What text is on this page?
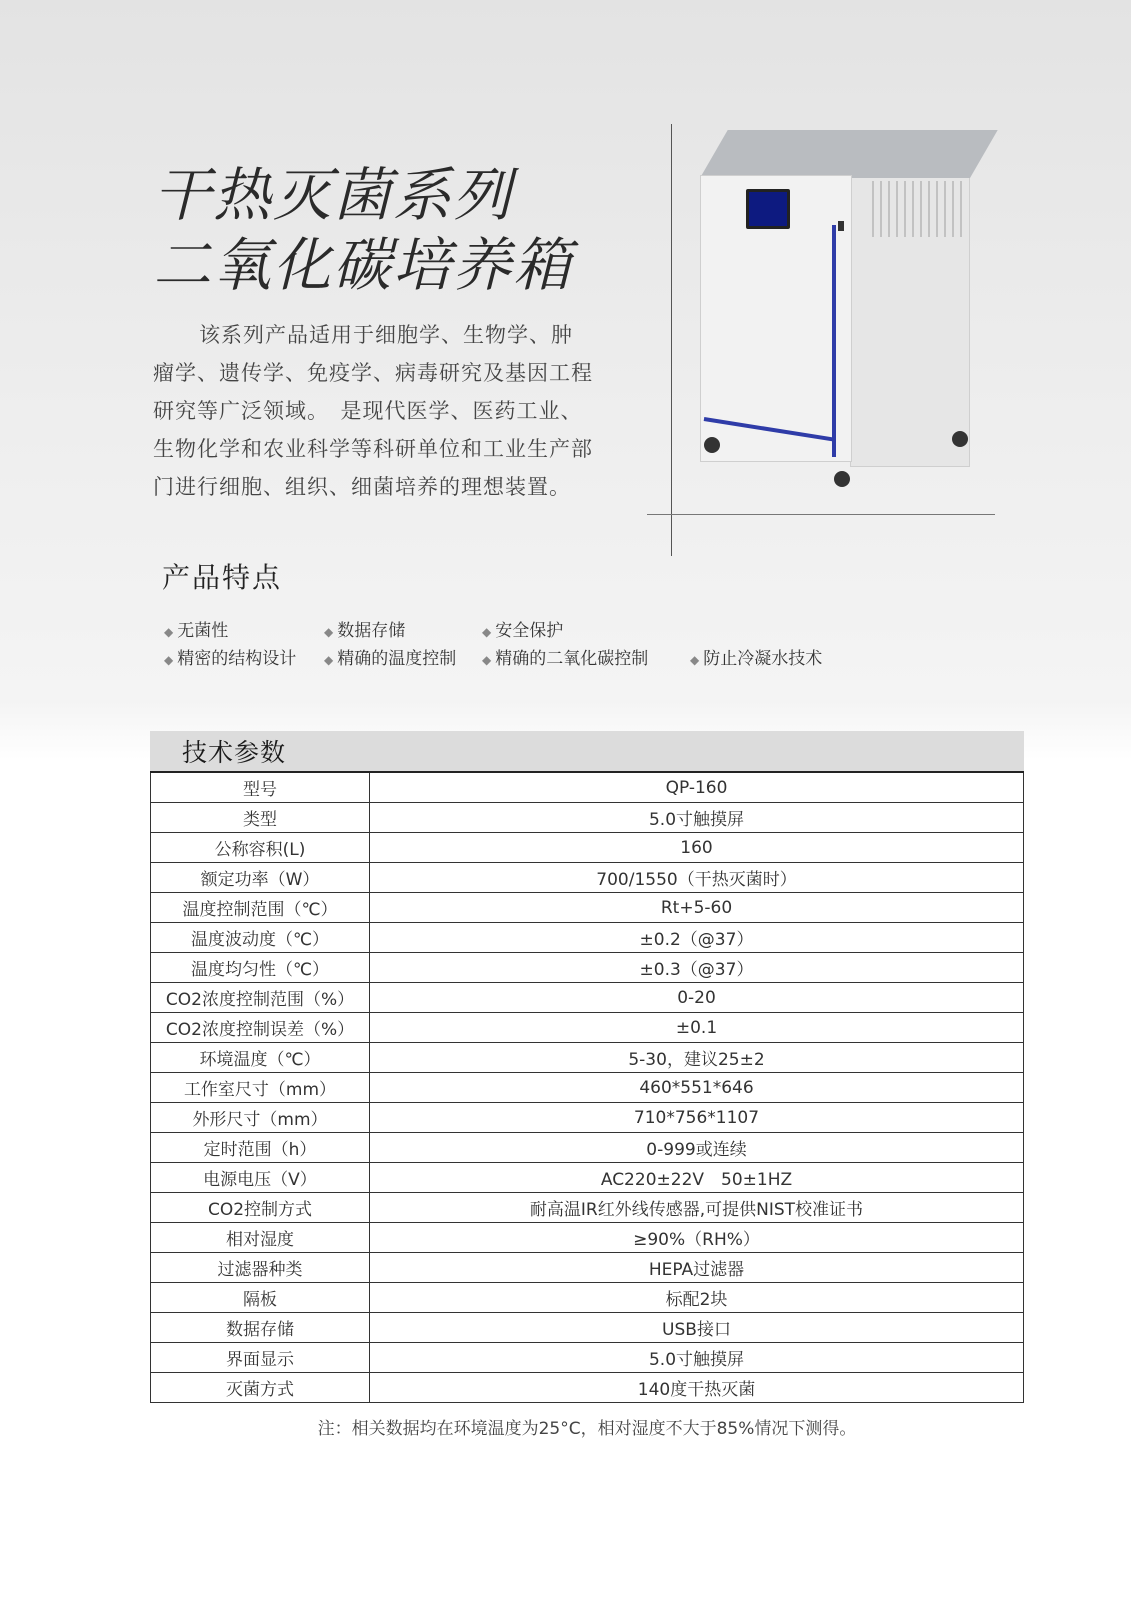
干热灭菌系列
二氧化碳培养箱

该系列产品适用于细胞学、生物学、肿瘤学、遗传学、免疫学、病毒研究及基因工程研究等广泛领域。　是现代医学、医药工业、生物化学和农业科学等科研单位和工业生产部门进行细胞、组织、细菌培养的理想装置。

产品特点
◆ 无菌性	◆ 数据存储	◆ 安全保护
◆ 精密的结构设计 ◆ 精确的温度控制 ◆ 精确的二氧化碳控制	◆ 防止冷凝水技术
技术参数
型号	QP-160
类型	5.0寸触摸屏
公称容积(L)	160
额定功率（W）	700/1550（干热灭菌时）
温度控制范围（℃）	Rt+5-60
温度波动度（℃）	±0.2（@37）
温度均匀性（℃）	±0.3（@37）
CO2浓度控制范围（%）	0-20
CO2浓度控制误差（%）	±0.1
环境温度（℃）	5-30，建议25±2
工作室尺寸（mm）	460*551*646
外形尺寸（mm）	710*756*1107
定时范围（h）	0-999或连续
电源电压（V）	AC220±22V　50±1HZ
CO2控制方式	耐高温IR红外线传感器,可提供NIST校准证书
相对湿度	≥90%（RH%）
过滤器种类	HEPA过滤器
隔板	标配2块
数据存储	USB接口
界面显示	5.0寸触摸屏
灭菌方式	140度干热灭菌

注：相关数据均在环境温度为25°C，相对湿度不大于85%情况下测得。
